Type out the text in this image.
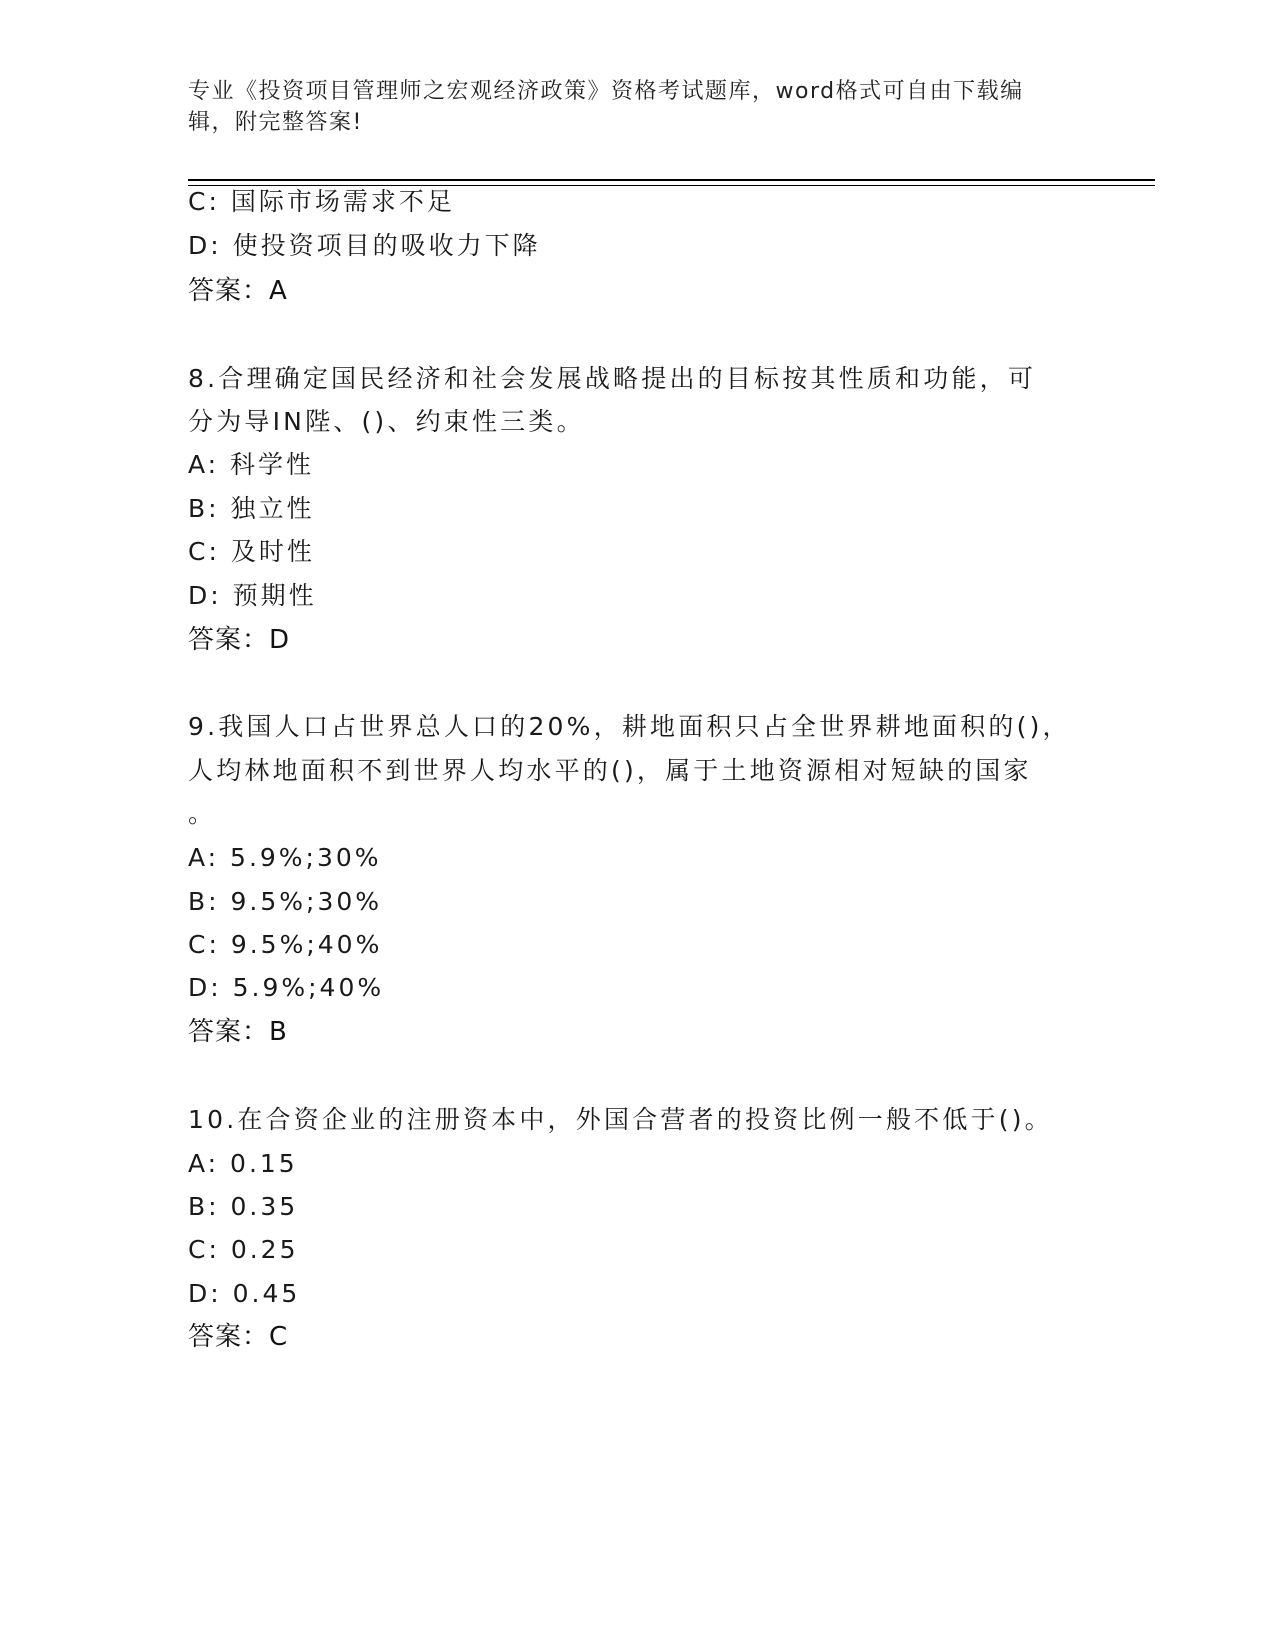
专业《投资项目管理师之宏观经济政策》资格考试题库，word格式可自由下载编
辑，附完整答案!
C: 国际市场需求不足
D: 使投资项目的吸收力下降
答案：A
8.合理确定国民经济和社会发展战略提出的目标按其性质和功能，可
分为导IN陛、()、约束性三类。
A: 科学性
B: 独立性
C: 及时性
D: 预期性
答案：D
9.我国人口占世界总人口的20%，耕地面积只占全世界耕地面积的()，
人均林地面积不到世界人均水平的()，属于土地资源相对短缺的国家
。
A: 5.9%;30%
B: 9.5%;30%
C: 9.5%;40%
D: 5.9%;40%
答案：B
10.在合资企业的注册资本中，外国合营者的投资比例一般不低于()。
A: 0.15
B: 0.35
C: 0.25
D: 0.45
答案：C
